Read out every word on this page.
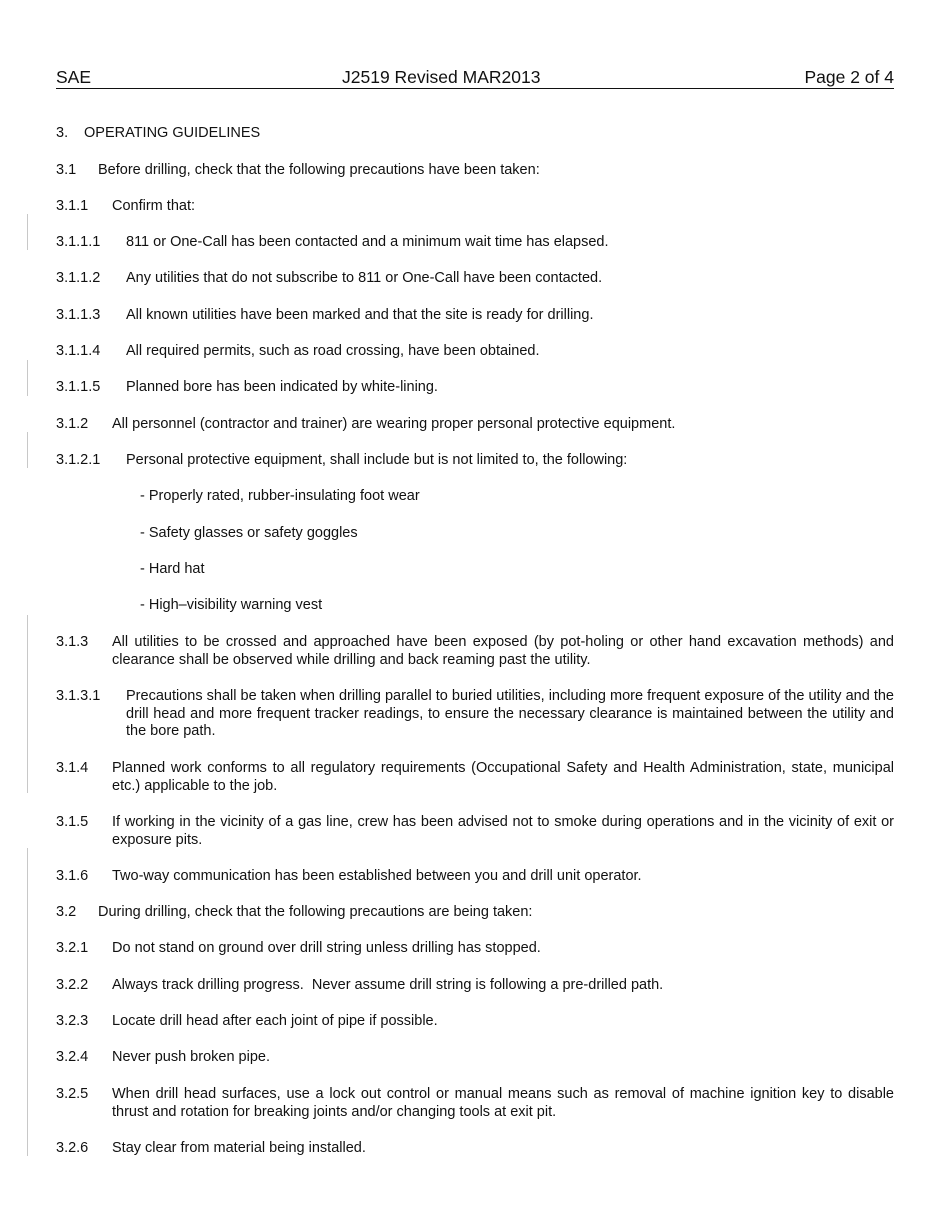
SAE	J2519 Revised MAR2013	Page 2 of 4
3. OPERATING GUIDELINES
3.1 Before drilling, check that the following precautions have been taken:
3.1.1 Confirm that:
3.1.1.1 811 or One-Call has been contacted and a minimum wait time has elapsed.
3.1.1.2 Any utilities that do not subscribe to 811 or One-Call have been contacted.
3.1.1.3 All known utilities have been marked and that the site is ready for drilling.
3.1.1.4 All required permits, such as road crossing, have been obtained.
3.1.1.5 Planned bore has been indicated by white-lining.
3.1.2 All personnel (contractor and trainer) are wearing proper personal protective equipment.
3.1.2.1 Personal protective equipment, shall include but is not limited to, the following:
- Properly rated, rubber-insulating foot wear
- Safety glasses or safety goggles
- Hard hat
- High–visibility warning vest
3.1.3 All utilities to be crossed and approached have been exposed (by pot-holing or other hand excavation methods) and clearance shall be observed while drilling and back reaming past the utility.
3.1.3.1 Precautions shall be taken when drilling parallel to buried utilities, including more frequent exposure of the utility and the drill head and more frequent tracker readings, to ensure the necessary clearance is maintained between the utility and the bore path.
3.1.4 Planned work conforms to all regulatory requirements (Occupational Safety and Health Administration, state, municipal etc.) applicable to the job.
3.1.5 If working in the vicinity of a gas line, crew has been advised not to smoke during operations and in the vicinity of exit or exposure pits.
3.1.6 Two-way communication has been established between you and drill unit operator.
3.2 During drilling, check that the following precautions are being taken:
3.2.1 Do not stand on ground over drill string unless drilling has stopped.
3.2.2 Always track drilling progress.  Never assume drill string is following a pre-drilled path.
3.2.3 Locate drill head after each joint of pipe if possible.
3.2.4 Never push broken pipe.
3.2.5 When drill head surfaces, use a lock out control or manual means such as removal of machine ignition key to disable thrust and rotation for breaking joints and/or changing tools at exit pit.
3.2.6 Stay clear from material being installed.
